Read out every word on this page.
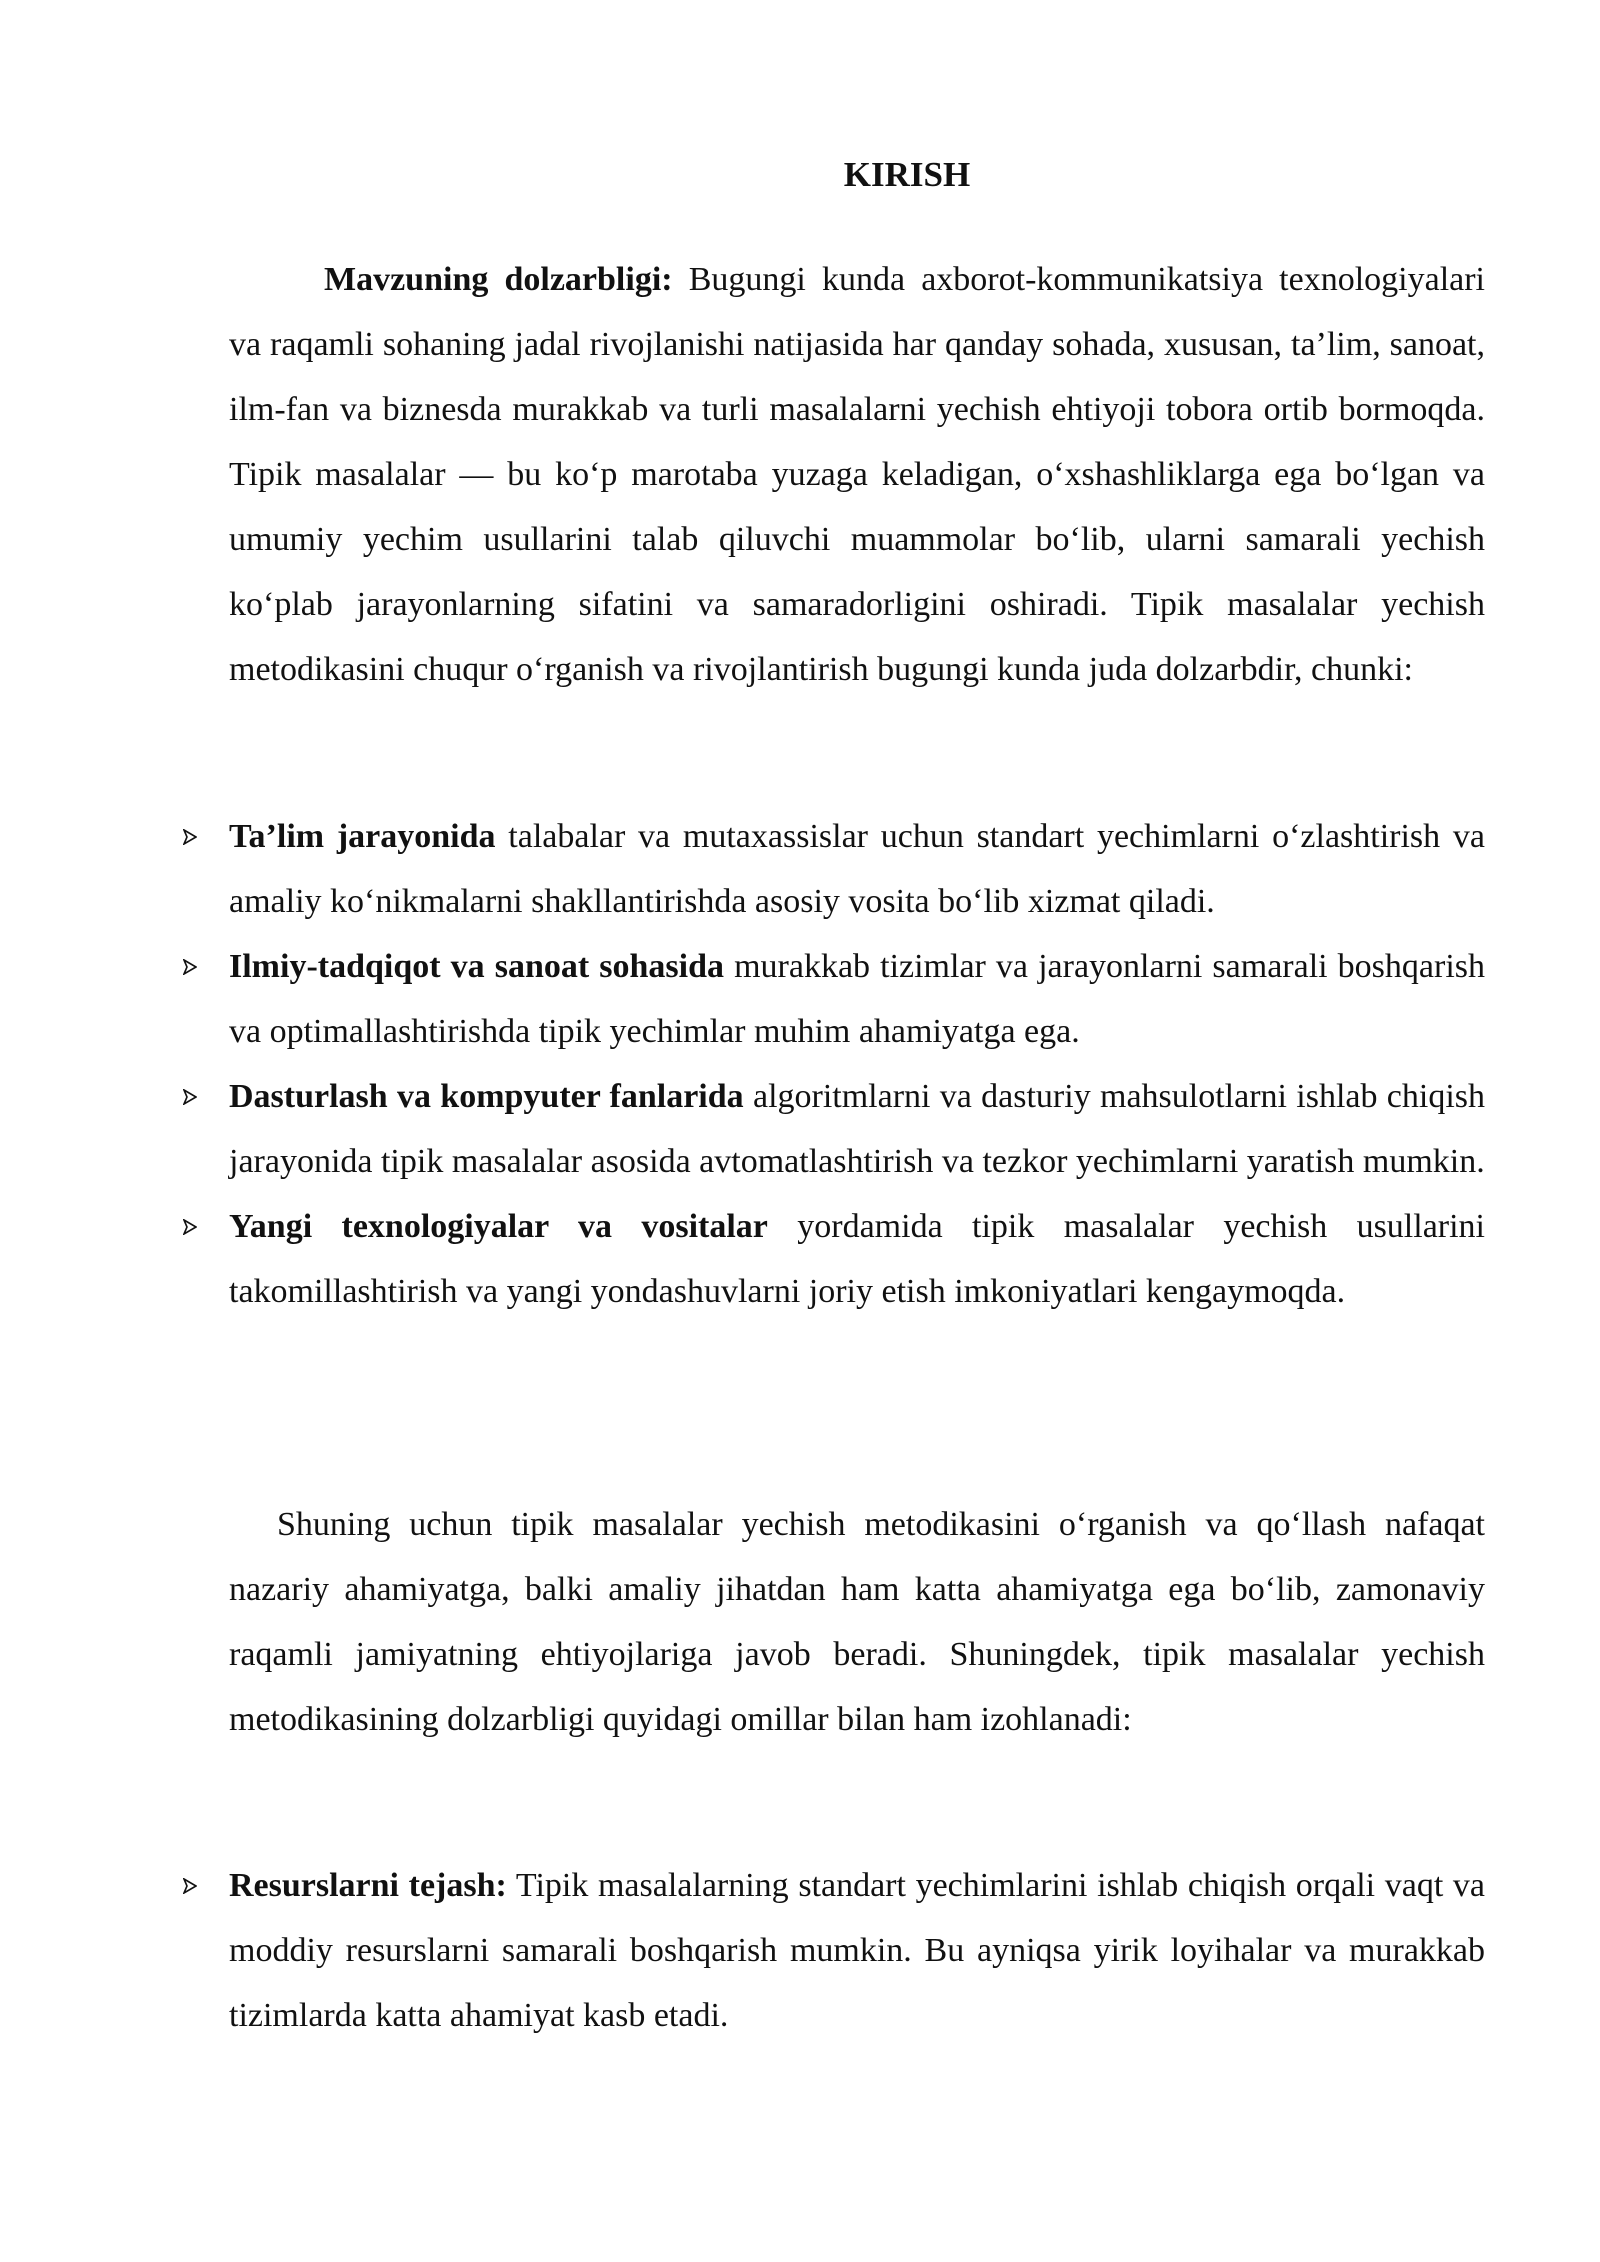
KIRISH

Mavzuning dolzarbligi: Bugungi kunda axborot-kommunikatsiya texnologiyalari va raqamli sohaning jadal rivojlanishi natijasida har qanday sohada, xususan, ta’lim, sanoat, ilm-fan va biznesda murakkab va turli masalalarni yechish ehtiyoji tobora ortib bormoqda. Tipik masalalar — bu ko‘p marotaba yuzaga keladigan, o‘xshashliklarga ega bo‘lgan va umumiy yechim usullarini talab qiluvchi muammolar bo‘lib, ularni samarali yechish ko‘plab jarayonlarning sifatini va samaradorligini oshiradi. Tipik masalalar yechish metodikasini chuqur o‘rganish va rivojlantirish bugungi kunda juda dolzarbdir, chunki:

Ta’lim jarayonida talabalar va mutaxassislar uchun standart yechimlarni o‘zlashtirish va amaliy ko‘nikmalarni shakllantirishda asosiy vosita bo‘lib xizmat qiladi.
Ilmiy-tadqiqot va sanoat sohasida murakkab tizimlar va jarayonlarni samarali boshqarish va optimallashtirishda tipik yechimlar muhim ahamiyatga ega.
Dasturlash va kompyuter fanlarida algoritmlarni va dasturiy mahsulotlarni ishlab chiqish jarayonida tipik masalalar asosida avtomatlashtirish va tezkor yechimlarni yaratish mumkin.
Yangi texnologiyalar va vositalar yordamida tipik masalalar yechish usullarini takomillashtirish va yangi yondashuvlarni joriy etish imkoniyatlari kengaymoqda.

Shuning uchun tipik masalalar yechish metodikasini o‘rganish va qo‘llash nafaqat nazariy ahamiyatga, balki amaliy jihatdan ham katta ahamiyatga ega bo‘lib, zamonaviy raqamli jamiyatning ehtiyojlariga javob beradi. Shuningdek, tipik masalalar yechish metodikasining dolzarbligi quyidagi omillar bilan ham izohlanadi:

Resurslarni tejash: Tipik masalalarning standart yechimlarini ishlab chiqish orqali vaqt va moddiy resurslarni samarali boshqarish mumkin. Bu ayniqsa yirik loyihalar va murakkab tizimlarda katta ahamiyat kasb etadi.
